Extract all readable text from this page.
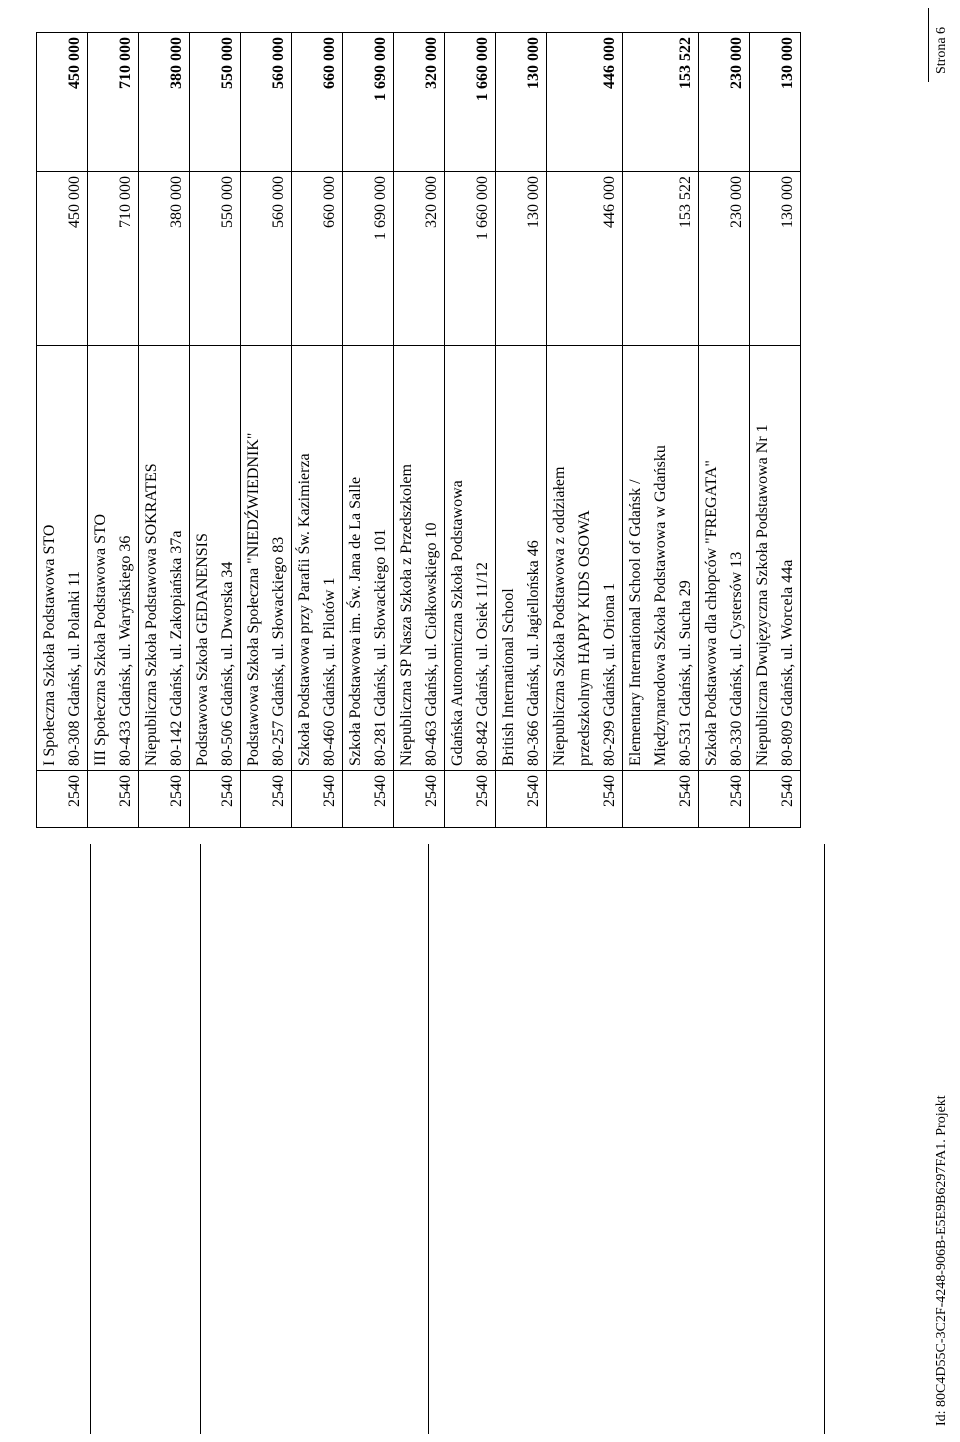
2540	I Społeczna Szkoła Podstawowa STO 80-308 Gdańsk, ul. Polanki 11	450 000	450 000
2540	III Społeczna Szkoła Podstawowa STO 80-433 Gdańsk, ul. Waryńskiego 36	710 000	710 000
2540	Niepubliczna Szkoła Podstawowa SOKRATES 80-142 Gdańsk, ul. Zakopiańska 37a	380 000	380 000
2540	Podstawowa Szkoła GEDANENSIS 80-506 Gdańsk, ul. Dworska 34	550 000	550 000
2540	Podstawowa Szkoła Społeczna "NIEDŹWIEDNIK" 80-257 Gdańsk, ul. Słowackiego 83	560 000	560 000
2540	Szkoła Podstawowa przy Parafii Św. Kazimierza 80-460 Gdańsk, ul. Pilotów 1	660 000	660 000
2540	Szkoła Podstawowa im. Św. Jana de La Salle 80-281 Gdańsk, ul. Słowackiego 101	1 690 000	1 690 000
2540	Niepubliczna SP Nasza Szkoła z Przedszkolem 80-463 Gdańsk, ul. Ciołkowskiego 10	320 000	320 000
2540	Gdańska Autonomiczna Szkoła Podstawowa 80-842 Gdańsk, ul. Osiek 11/12	1 660 000	1 660 000
2540	British International School 80-366 Gdańsk, ul. Jagiellońska 46	130 000	130 000
2540	Niepubliczna Szkoła Podstawowa z oddziałem przedszkolnym HAPPY KIDS OSOWA 80-299 Gdańsk, ul. Oriona 1	446 000	446 000
2540	Elementary International School of Gdańsk / Międzynarodowa Szkoła Podstawowa w Gdańsku 80-531 Gdańsk, ul. Sucha 29	153 522	153 522
2540	Szkoła Podstawowa dla chłopców "FREGATA" 80-330 Gdańsk, ul. Cystersów 13	230 000	230 000
2540	Niepubliczna Dwujęzyczna Szkoła Podstawowa Nr 1 80-809 Gdańsk, ul. Worcela 44a	130 000	130 000
Id: 80C4D55C-3C2F-4248-906B-E5E9B6297FA1. Projekt
Strona 6
